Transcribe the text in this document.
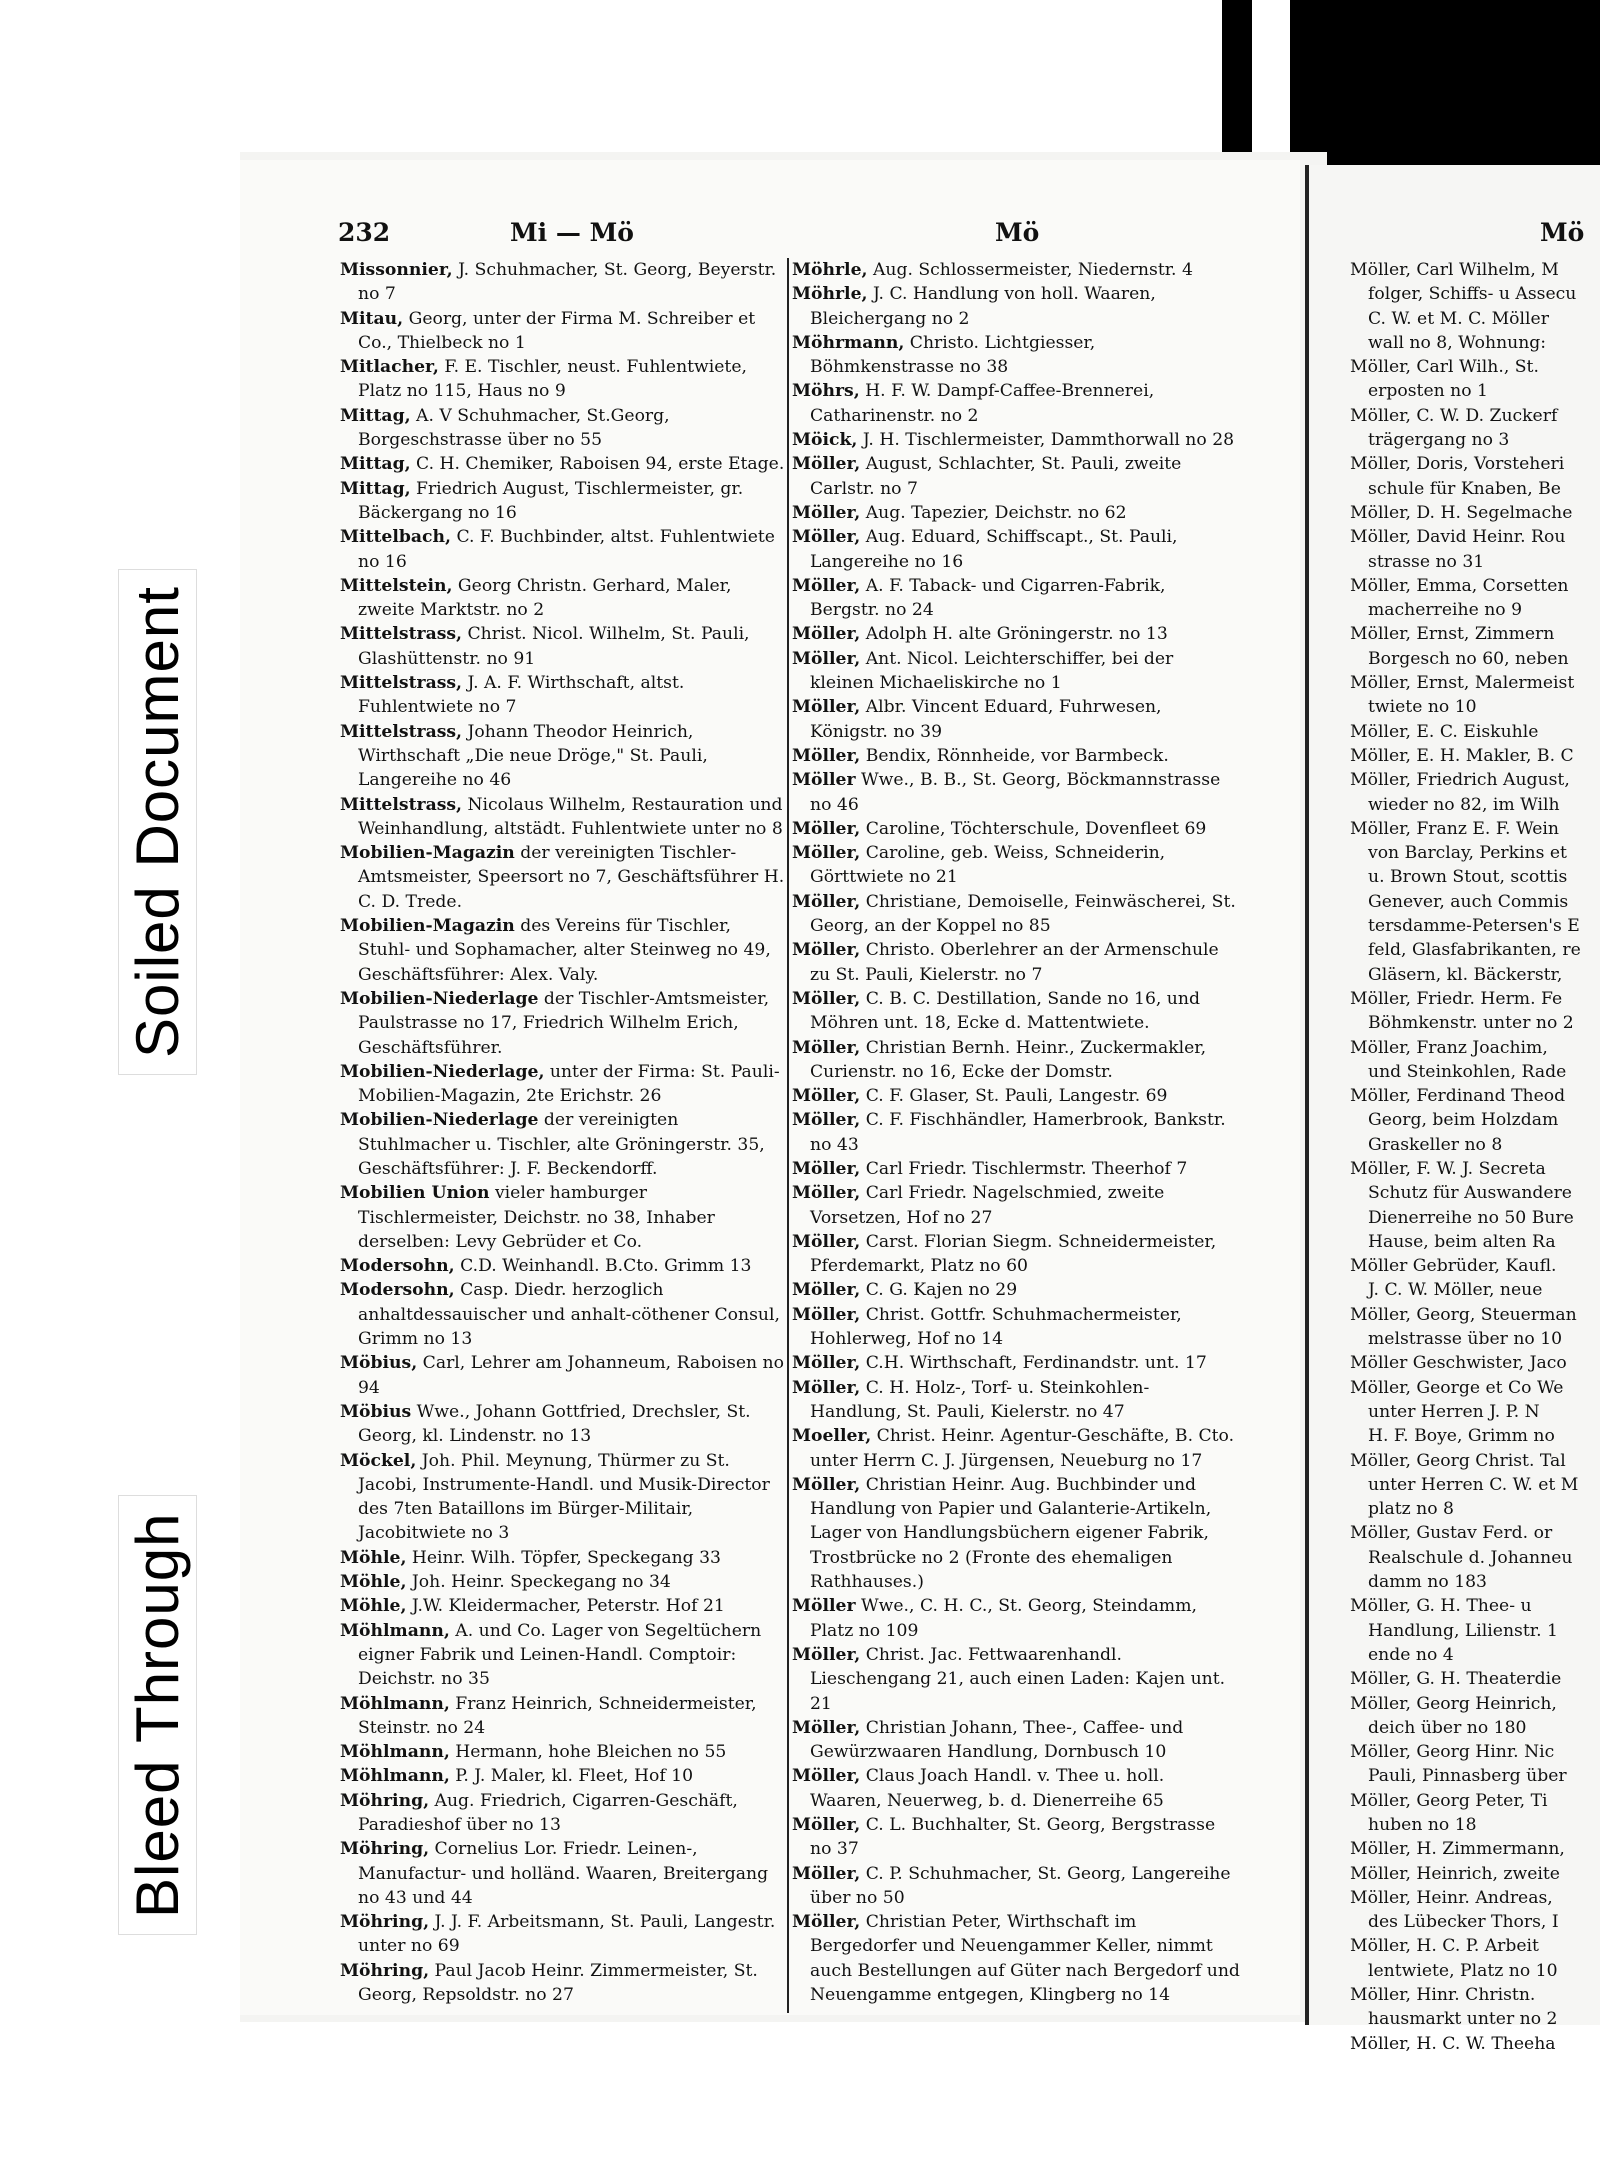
Soiled Document
Bleed Through
232	Mi — Mö	Mö	Mö

Missonnier, J. Schuhmacher, St. Georg, Beyerstr. no 7

Mitau, Georg, unter der Firma M. Schreiber et Co., Thielbeck no 1

Mitlacher, F. E. Tischler, neust. Fuhlentwiete, Platz no 115, Haus no 9

Mittag, A. V Schuhmacher, St.Georg, Borgeschstrasse über no 55

Mittag, C. H. Chemiker, Raboisen 94, erste Etage.

Mittag, Friedrich August, Tischlermeister, gr. Bäckergang no 16

Mittelbach, C. F. Buchbinder, altst. Fuhlentwiete no 16

Mittelstein, Georg Christn. Gerhard, Maler, zweite Marktstr. no 2

Mittelstrass, Christ. Nicol. Wilhelm, St. Pauli, Glashüttenstr. no 91

Mittelstrass, J. A. F. Wirthschaft, altst. Fuhlentwiete no 7

Mittelstrass, Johann Theodor Heinrich, Wirthschaft „Die neue Dröge," St. Pauli, Langereihe no 46

Mittelstrass, Nicolaus Wilhelm, Restauration und Weinhandlung, altstädt. Fuhlentwiete unter no 8

Mobilien-Magazin der vereinigten Tischler-Amtsmeister, Speersort no 7, Geschäftsführer H. C. D. Trede.

Mobilien-Magazin des Vereins für Tischler, Stuhl- und Sophamacher, alter Steinweg no 49, Geschäftsführer: Alex. Valy.

Mobilien-Niederlage der Tischler-Amtsmeister, Paulstrasse no 17, Friedrich Wilhelm Erich, Geschäftsführer.

Mobilien-Niederlage, unter der Firma: St. Pauli-Mobilien-Magazin, 2te Erichstr. 26

Mobilien-Niederlage der vereinigten Stuhlmacher u. Tischler, alte Gröningerstr. 35, Geschäftsführer: J. F. Beckendorff.

Mobilien Union vieler hamburger Tischlermeister, Deichstr. no 38, Inhaber derselben: Levy Gebrüder et Co.

Modersohn, C.D. Weinhandl. B.Cto. Grimm 13

Modersohn, Casp. Diedr. herzoglich anhaltdessauischer und anhalt-cöthener Consul, Grimm no 13

Möbius, Carl, Lehrer am Johanneum, Raboisen no 94

Möbius Wwe., Johann Gottfried, Drechsler, St. Georg, kl. Lindenstr. no 13

Möckel, Joh. Phil. Meynung, Thürmer zu St. Jacobi, Instrumente-Handl. und Musik-Director des 7ten Bataillons im Bürger-Militair, Jacobitwiete no 3

Möhle, Heinr. Wilh. Töpfer, Speckegang 33

Möhle, Joh. Heinr. Speckegang no 34

Möhle, J.W. Kleidermacher, Peterstr. Hof 21

Möhlmann, A. und Co. Lager von Segeltüchern eigner Fabrik und Leinen-Handl. Comptoir: Deichstr. no 35

Möhlmann, Franz Heinrich, Schneidermeister, Steinstr. no 24

Möhlmann, Hermann, hohe Bleichen no 55

Möhlmann, P. J. Maler, kl. Fleet, Hof 10

Möhring, Aug. Friedrich, Cigarren-Geschäft, Paradieshof über no 13

Möhring, Cornelius Lor. Friedr. Leinen-, Manufactur- und holländ. Waaren, Breitergang no 43 und 44

Möhring, J. J. F. Arbeitsmann, St. Pauli, Langestr. unter no 69

Möhring, Paul Jacob Heinr. Zimmermeister, St. Georg, Repsoldstr. no 27

Möhrle, Aug. Schlossermeister, Niedernstr. 4

Möhrle, J. C. Handlung von holl. Waaren, Bleichergang no 2

Möhrmann, Christo. Lichtgiesser, Böhmkenstrasse no 38

Möhrs, H. F. W. Dampf-Caffee-Brennerei, Catharinenstr. no 2

Möick, J. H. Tischlermeister, Dammthorwall no 28

Möller, August, Schlachter, St. Pauli, zweite Carlstr. no 7

Möller, Aug. Tapezier, Deichstr. no 62

Möller, Aug. Eduard, Schiffscapt., St. Pauli, Langereihe no 16

Möller, A. F. Taback- und Cigarren-Fabrik, Bergstr. no 24

Möller, Adolph H. alte Gröningerstr. no 13

Möller, Ant. Nicol. Leichterschiffer, bei der kleinen Michaeliskirche no 1

Möller, Albr. Vincent Eduard, Fuhrwesen, Königstr. no 39

Möller, Bendix, Rönnheide, vor Barmbeck.

Möller Wwe., B. B., St. Georg, Böckmannstrasse no 46

Möller, Caroline, Töchterschule, Dovenfleet 69

Möller, Caroline, geb. Weiss, Schneiderin, Görttwiete no 21

Möller, Christiane, Demoiselle, Feinwäscherei, St. Georg, an der Koppel no 85

Möller, Christo. Oberlehrer an der Armenschule zu St. Pauli, Kielerstr. no 7

Möller, C. B. C. Destillation, Sande no 16, und Möhren unt. 18, Ecke d. Mattentwiete.

Möller, Christian Bernh. Heinr., Zuckermakler, Curienstr. no 16, Ecke der Domstr.

Möller, C. F. Glaser, St. Pauli, Langestr. 69

Möller, C. F. Fischhändler, Hamerbrook, Bankstr. no 43

Möller, Carl Friedr. Tischlermstr. Theerhof 7

Möller, Carl Friedr. Nagelschmied, zweite Vorsetzen, Hof no 27

Möller, Carst. Florian Siegm. Schneidermeister, Pferdemarkt, Platz no 60

Möller, C. G. Kajen no 29

Möller, Christ. Gottfr. Schuhmachermeister, Hohlerweg, Hof no 14

Möller, C.H. Wirthschaft, Ferdinandstr. unt. 17

Möller, C. H. Holz-, Torf- u. Steinkohlen-Handlung, St. Pauli, Kielerstr. no 47

Moeller, Christ. Heinr. Agentur-Geschäfte, B. Cto. unter Herrn C. J. Jürgensen, Neueburg no 17

Möller, Christian Heinr. Aug. Buchbinder und Handlung von Papier und Galanterie-Artikeln, Lager von Handlungsbüchern eigener Fabrik, Trostbrücke no 2 (Fronte des ehemaligen Rathhauses.)

Möller Wwe., C. H. C., St. Georg, Steindamm, Platz no 109

Möller, Christ. Jac. Fettwaarenhandl. Lieschengang 21, auch einen Laden: Kajen unt. 21

Möller, Christian Johann, Thee-, Caffee- und Gewürzwaaren Handlung, Dornbusch 10

Möller, Claus Joach Handl. v. Thee u. holl. Waaren, Neuerweg, b. d. Dienerreihe 65

Möller, C. L. Buchhalter, St. Georg, Bergstrasse no 37

Möller, C. P. Schuhmacher, St. Georg, Langereihe über no 50

Möller, Christian Peter, Wirthschaft im Bergedorfer und Neuengammer Keller, nimmt auch Bestellungen auf Güter nach Bergedorf und Neuengamme entgegen, Klingberg no 14

Möller, Carl Wilhelm, M
folger, Schiffs- u Assecu
C. W. et M. C. Möller
wall no 8, Wohnung:
Möller, Carl Wilh., St.
erposten no 1
Möller, C. W. D. Zuckerf
trägergang no 3
Möller, Doris, Vorsteheri
schule für Knaben, Be
Möller, D. H. Segelmache
Möller, David Heinr. Rou
strasse no 31
Möller, Emma, Corsetten
macherreihe no 9
Möller, Ernst, Zimmern
Borgesch no 60, neben
Möller, Ernst, Malermeist
twiete no 10
Möller, E. C. Eiskuhle
Möller, E. H. Makler, B. C
Möller, Friedrich August,
wieder no 82, im Wilh
Möller, Franz E. F. Wein
von Barclay, Perkins et
u. Brown Stout, scottis
Genever, auch Commis
tersdamme-Petersen's E
feld, Glasfabrikanten, re
Gläsern, kl. Bäckerstr,
Möller, Friedr. Herm. Fe
Böhmkenstr. unter no 2
Möller, Franz Joachim,
und Steinkohlen, Rade
Möller, Ferdinand Theod
Georg, beim Holzdam
Graskeller no 8
Möller, F. W. J. Secreta
Schutz für Auswandere
Dienerreihe no 50 Bure
Hause, beim alten Ra
Möller Gebrüder, Kaufl.
J. C. W. Möller, neue
Möller, Georg, Steuerman
melstrasse über no 10
Möller Geschwister, Jaco
Möller, George et Co We
unter Herren J. P. N
H. F. Boye, Grimm no
Möller, Georg Christ. Tal
unter Herren C. W. et M
platz no 8
Möller, Gustav Ferd. or
Realschule d. Johanneu
damm no 183
Möller, G. H. Thee- u
Handlung, Lilienstr. 1
ende no 4
Möller, G. H. Theaterdie
Möller, Georg Heinrich,
deich über no 180
Möller, Georg Hinr. Nic
Pauli, Pinnasberg über
Möller, Georg Peter, Ti
huben no 18
Möller, H. Zimmermann,
Möller, Heinrich, zweite
Möller, Heinr. Andreas,
des Lübecker Thors, I
Möller, H. C. P. Arbeit
lentwiete, Platz no 10
Möller, Hinr. Christn.
hausmarkt unter no 2
Möller, H. C. W. Theeha
